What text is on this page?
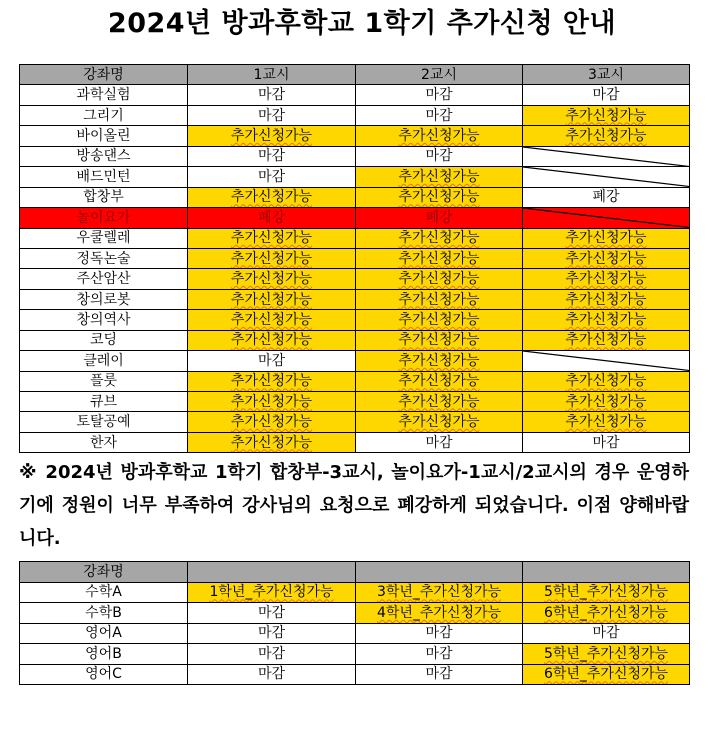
2024년 방과후학교 1학기 추가신청 안내
강좌명	1교시	2교시	3교시
과학실험	마감	마감	마감
그리기	마감	마감	추가신청가능
바이올린	추가신청가능	추가신청가능	추가신청가능
방송댄스	마감	마감	

배드민턴	마감	추가신청가능	

합창부	추가신청가능	추가신청가능	폐강
놀이요가	폐강	폐강	

우쿨렐레	추가신청가능	추가신청가능	추가신청가능
정독논술	추가신청가능	추가신청가능	추가신청가능
주산암산	추가신청가능	추가신청가능	추가신청가능
창의로봇	추가신청가능	추가신청가능	추가신청가능
창의역사	추가신청가능	추가신청가능	추가신청가능
코딩	추가신청가능	추가신청가능	추가신청가능
클레이	마감	추가신청가능	

플룻	추가신청가능	추가신청가능	추가신청가능
큐브	추가신청가능	추가신청가능	추가신청가능
토탈공예	추가신청가능	추가신청가능	추가신청가능
한자	추가신청가능	마감	마감
※ 2024년 방과후학교 1학기 합창부-3교시, 놀이요가-1교시/2교시의 경우 운영하기에 정원이 너무 부족하여 강사님의 요청으로 폐강하게 되었습니다. 이점 양해바랍니다.
강좌명			
수학A	1학년_추가신청가능	3학년_추가신청가능	5학년_추가신청가능
수학B	마감	4학년_추가신청가능	6학년_추가신청가능
영어A	마감	마감	마감
영어B	마감	마감	5학년_추가신청가능
영어C	마감	마감	6학년_추가신청가능
